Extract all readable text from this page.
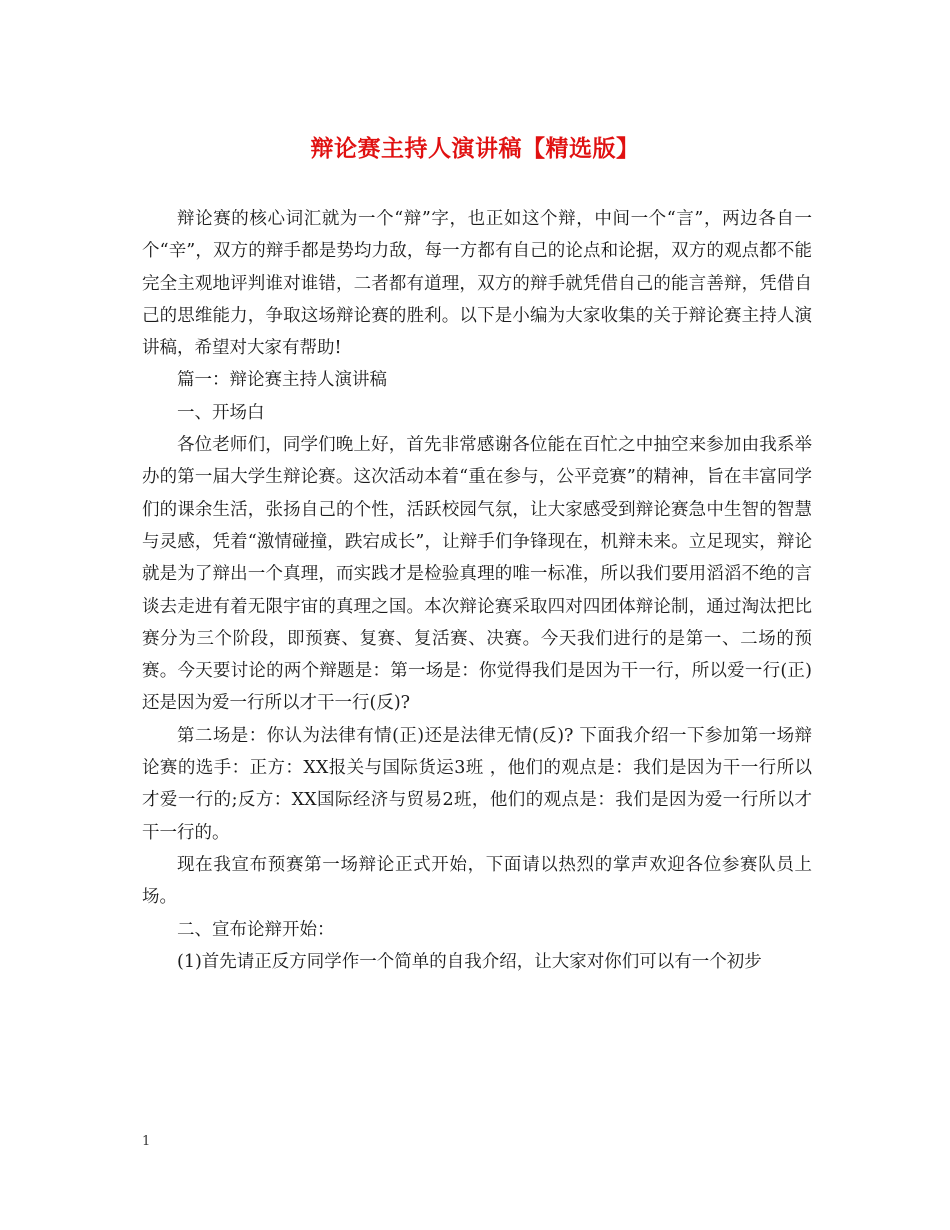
辩论赛主持人演讲稿【精选版】

辩论赛的核心词汇就为一个“辩”字，也正如这个辩，中间一个“言”，两边各自一个“辛”，双方的辩手都是势均力敌，每一方都有自己的论点和论据，双方的观点都不能完全主观地评判谁对谁错，二者都有道理，双方的辩手就凭借自己的能言善辩，凭借自己的思维能力，争取这场辩论赛的胜利。以下是小编为大家收集的关于辩论赛主持人演讲稿，希望对大家有帮助!

篇一：辩论赛主持人演讲稿

一、开场白

各位老师们，同学们晚上好，首先非常感谢各位能在百忙之中抽空来参加由我系举办的第一届大学生辩论赛。这次活动本着“重在参与，公平竞赛”的精神，旨在丰富同学们的课余生活，张扬自己的个性，活跃校园气氛，让大家感受到辩论赛急中生智的智慧与灵感，凭着“激情碰撞，跌宕成长”，让辩手们争锋现在，机辩未来。立足现实，辩论就是为了辩出一个真理，而实践才是检验真理的唯一标准，所以我们要用滔滔不绝的言谈去走进有着无限宇宙的真理之国。本次辩论赛采取四对四团体辩论制，通过淘汰把比赛分为三个阶段，即预赛、复赛、复活赛、决赛。今天我们进行的是第一、二场的预赛。今天要讨论的两个辩题是：第一场是：你觉得我们是因为干一行，所以爱一行(正)还是因为爱一行所以才干一行(反)?

第二场是：你认为法律有情(正)还是法律无情(反)? 下面我介绍一下参加第一场辩论赛的选手：正方：XX报关与国际货运3班 ，他们的观点是：我们是因为干一行所以才爱一行的;反方：XX国际经济与贸易2班，他们的观点是：我们是因为爱一行所以才干一行的。

现在我宣布预赛第一场辩论正式开始，下面请以热烈的掌声欢迎各位参赛队员上场。

二、宣布论辩开始：

(1)首先请正反方同学作一个简单的自我介绍，让大家对你们可以有一个初步

1
